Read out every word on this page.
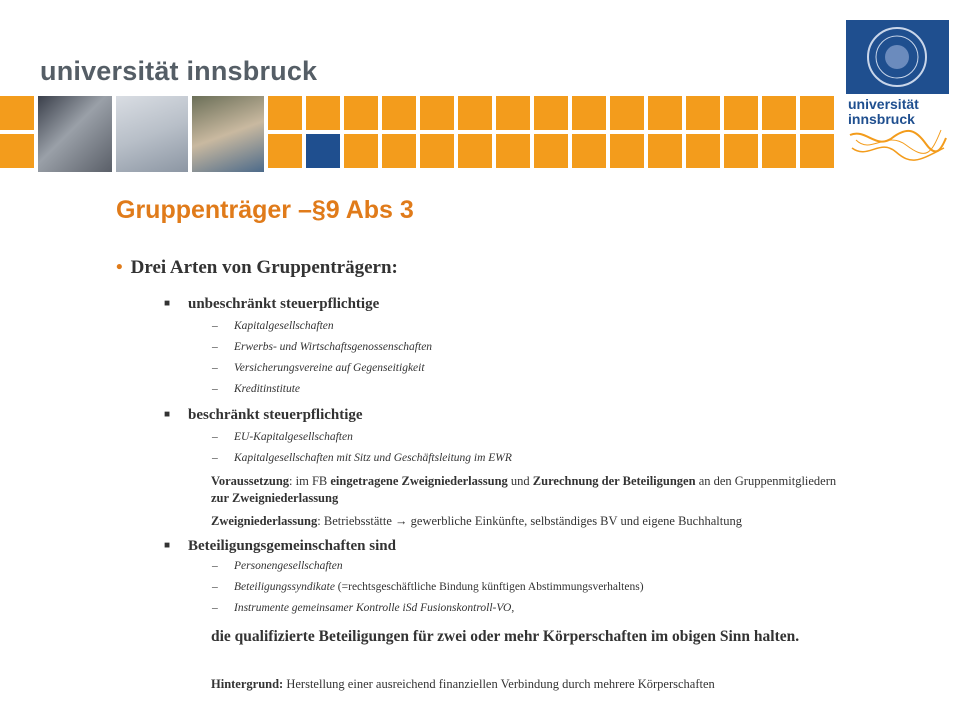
universität innsbruck
universität
innsbruck
Gruppenträger –§9 Abs 3
• Drei Arten von Gruppenträgern:
■ unbeschränkt steuerpflichtige
– Kapitalgesellschaften
– Erwerbs- und Wirtschaftsgenossenschaften
– Versicherungsvereine auf Gegenseitigkeit
– Kreditinstitute
■ beschränkt steuerpflichtige
– EU-Kapitalgesellschaften
– Kapitalgesellschaften mit Sitz und Geschäftsleitung im EWR
Voraussetzung: im FB eingetragene Zweigniederlassung und Zurechnung der Beteiligungen an den Gruppenmitgliedern zur Zweigniederlassung
Zweigniederlassung: Betriebsstätte → gewerbliche Einkünfte, selbständiges BV und eigene Buchhaltung
■ Beteiligungsgemeinschaften sind
– Personengesellschaften
– Beteiligungssyndikate (=rechtsgeschäftliche Bindung künftigen Abstimmungsverhaltens)
– Instrumente gemeinsamer Kontrolle iSd Fusionskontroll-VO,
die qualifizierte Beteiligungen für zwei oder mehr Körperschaften im obigen Sinn halten.
Hintergrund: Herstellung einer ausreichend finanziellen Verbindung durch mehrere Körperschaften
